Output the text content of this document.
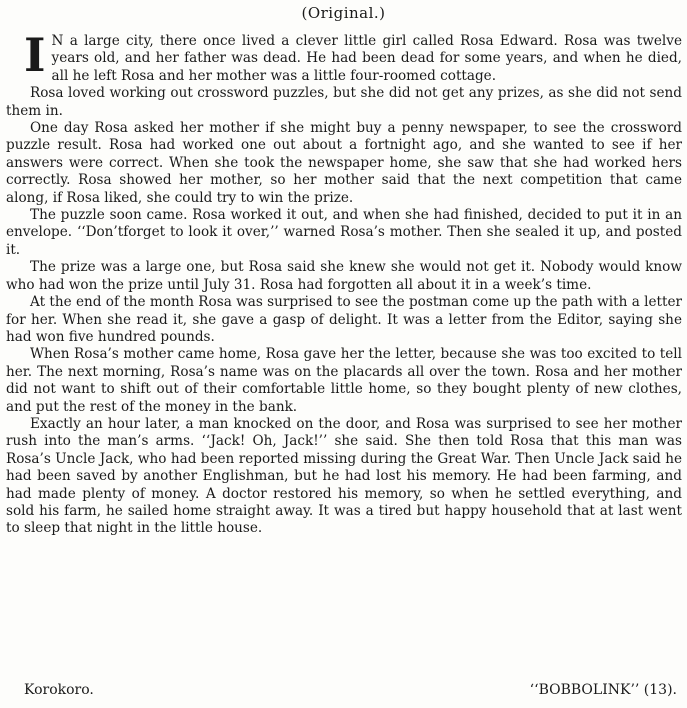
(Original.)

I N a large city, there once lived a clever little girl called Rosa Edward. Rosa was twelve years old, and her father was dead. He had been dead for some years, and when he died, all he left Rosa and her mother was a little four-roomed cottage.

Rosa loved working out crossword puzzles, but she did not get any prizes, as she did not send them in.

One day Rosa asked her mother if she might buy a penny newspaper, to see the crossword puzzle result. Rosa had worked one out about a fortnight ago, and she wanted to see if her answers were correct. When she took the newspaper home, she saw that she had worked hers correctly. Rosa showed her mother, so her mother said that the next competition that came along, if Rosa liked, she could try to win the prize.

The puzzle soon came. Rosa worked it out, and when she had finished, decided to put it in an envelope. ‘‘Don’tforget to look it over,’’ warned Rosa’s mother. Then she sealed it up, and posted it.

The prize was a large one, but Rosa said she knew she would not get it. Nobody would know who had won the prize until July 31. Rosa had forgotten all about it in a week’s time.

At the end of the month Rosa was surprised to see the postman come up the path with a letter for her. When she read it, she gave a gasp of delight. It was a letter from the Editor, saying she had won five hundred pounds.

When Rosa’s mother came home, Rosa gave her the letter, because she was too excited to tell her. The next morning, Rosa’s name was on the placards all over the town. Rosa and her mother did not want to shift out of their comfortable little home, so they bought plenty of new clothes, and put the rest of the money in the bank.

Exactly an hour later, a man knocked on the door, and Rosa was surprised to see her mother rush into the man’s arms. ‘‘Jack! Oh, Jack!’’ she said. She then told Rosa that this man was Rosa’s Uncle Jack, who had been reported missing during the Great War. Then Uncle Jack said he had been saved by another Englishman, but he had lost his memory. He had been farming, and had made plenty of money. A doctor restored his memory, so when he settled everything, and sold his farm, he sailed home straight away. It was a tired but happy household that at last went to sleep that night in the little house.

Korokoro.	‘‘BOBBOLINK’’ (13).
